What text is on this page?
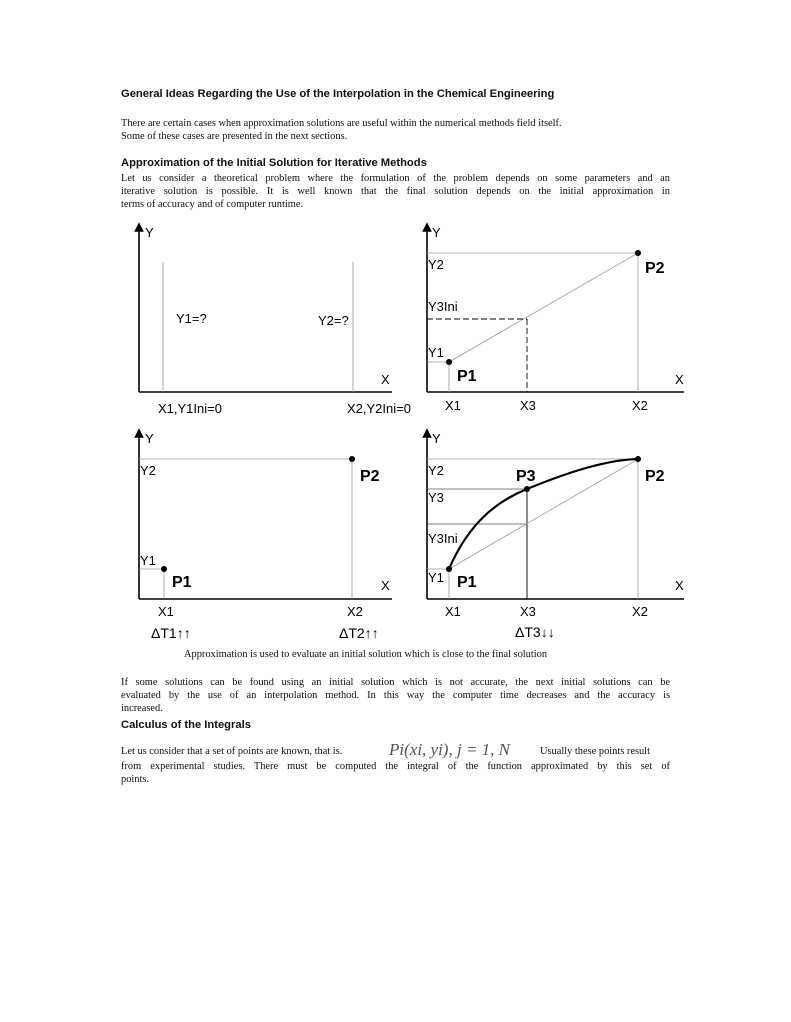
General Ideas Regarding the Use of the Interpolation in the Chemical Engineering
There are certain cases when approximation solutions are useful within the numerical methods field itself.
Some of these cases are presented in the next sections.
Approximation of the Initial Solution for Iterative Methods
Let us consider a theoretical problem where the formulation of the problem depends on some parameters and an
iterative solution is possible. It is well known that the final solution depends on the initial approximation in
terms of accuracy and of computer runtime.
Y
X
Y1=?	Y2=?
X1,Y1Ini=0	X2,Y2Ini=0
Y
X
Y2
Y3Ini
Y1
P1
P2
X1	X3	X2
Y
X
Y2
Y1
P1
P2
X1	X2
ΔT1↑↑	ΔT2↑↑
Y
X
Y2
Y3
Y3Ini
Y1 P1
P3	P2
X1	X3	X2
ΔT3↓↓
Approximation is used to evaluate an initial solution which is close to the final solution
If some solutions can be found using an initial solution which is not accurate, the next initial solutions can be
evaluated by the use of an interpolation method. In this way the computer time decreases and the accuracy is
increased.
Calculus of the Integrals
Let us consider that a set of points are known, that is.	Pi(xi, yi), j = 1, N	Usually these points result
from experimental studies. There must be computed the integral of the function approximated by this set of
points.
